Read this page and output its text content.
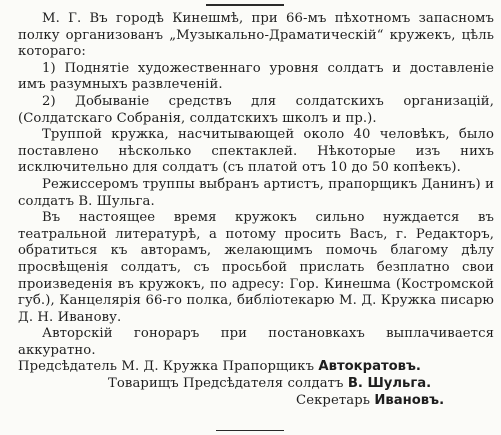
М. Г. Въ городѣ Кинешмѣ, при 66-мъ пѣхотномъ запасномъ полку организованъ „Музыкально-Драматическiй“ кружекъ, цѣль котораго:

1) Поднятiе художественнаго уровня солдатъ и доставленiе имъ разумныхъ развлеченiй.

2) Добыванiе средствъ для солдатскихъ организацiй, (Солдатскаго Собранiя, солдатскихъ школъ и пр.).

Труппой кружка, насчитывающей около 40 человѣкъ, было поставлено нѣсколько спектаклей. Нѣкоторые изъ нихъ исключительно для солдатъ (съ платой отъ 10 до 50 копѣекъ).

Режиссеромъ труппы выбранъ артистъ, прапорщикъ Данинъ) и солдатъ В. Шульга.

Въ настоящее время кружокъ сильно нуждается въ театральной литературѣ, а потому просить Васъ, г. Редакторъ, обратиться къ авторамъ, желающимъ помочь благому дѣлу просвѣщенiя солдатъ, съ просьбой прислать безплатно свои произведенiя въ кружокъ, по адресу: Гор. Кинешма (Костромской губ.), Канцелярiя 66-го полка, библiотекарю М. Д. Кружка писарю Д. Н. Иванову.

Авторскiй гонораръ при постановкахъ выплачивается аккуратно.

Предсѣдатель М. Д. Кружка Прапорщикъ Автократовъ.

Товарищъ Предсѣдателя солдатъ В. Шульга.

Секретарь Ивановъ.
